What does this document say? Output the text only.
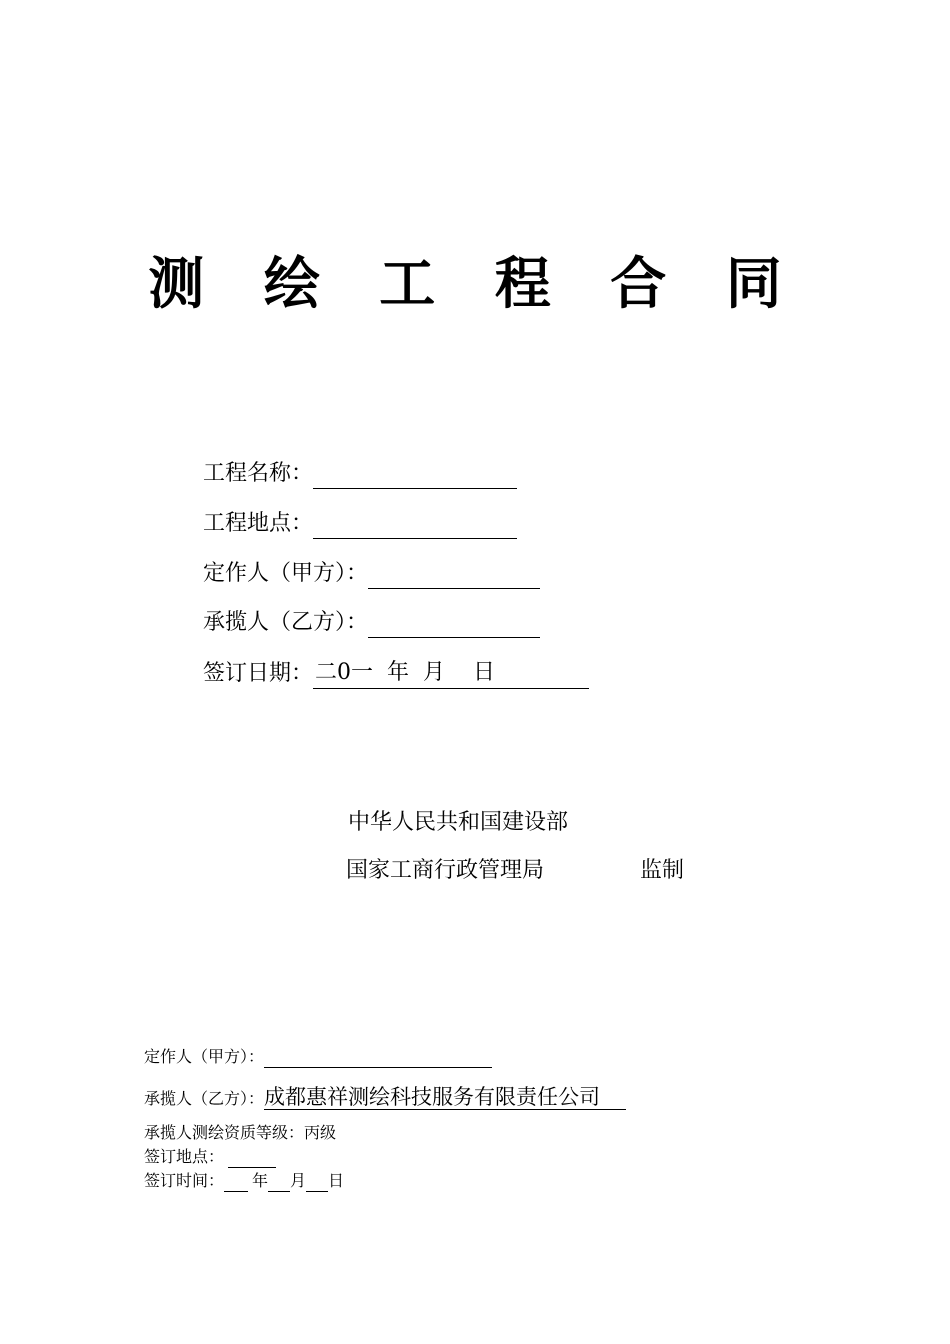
测 绘 工 程 合 同
工程名称：
工程地点：
定作人（甲方）：
承揽人（乙方）：
签订日期：二0一  年  月    日
中华人民共和国建设部
国家工商行政管理局	监制
定作人（甲方）：
承揽人（乙方）：成都惠祥测绘科技服务有限责任公司
承揽人测绘资质等级：丙级
签订地点：
签订时间： 年 月 日
